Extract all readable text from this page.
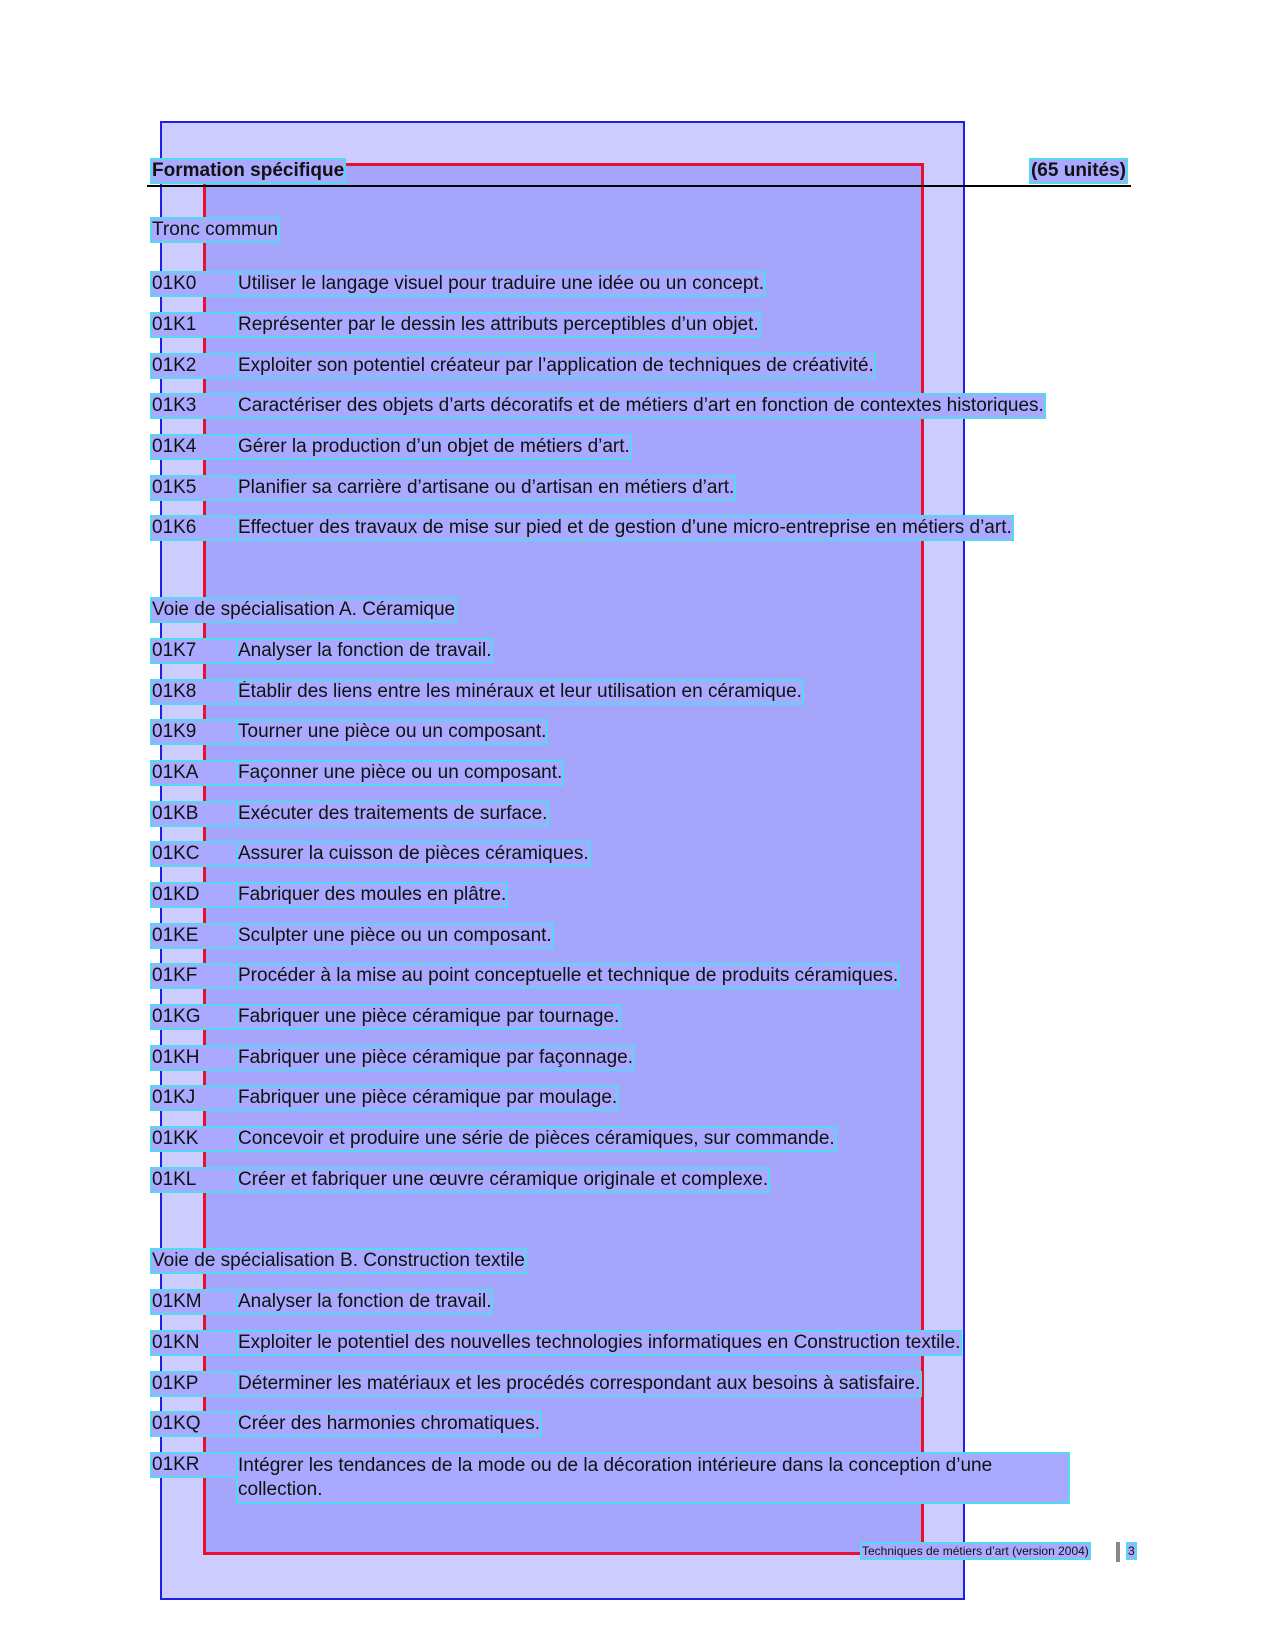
Formation spécifique	(65 unités)
Tronc commun
01K0	Utiliser le langage visuel pour traduire une idée ou un concept.
01K1	Représenter par le dessin les attributs perceptibles d’un objet.
01K2	Exploiter son potentiel créateur par l’application de techniques de créativité.
01K3	Caractériser des objets d’arts décoratifs et de métiers d’art en fonction de contextes historiques.
01K4	Gérer la production d’un objet de métiers d’art.
01K5	Planifier sa carrière d’artisane ou d’artisan en métiers d’art.
01K6	Effectuer des travaux de mise sur pied et de gestion d’une micro-entreprise en métiers d’art.
Voie de spécialisation A. Céramique
01K7	Analyser la fonction de travail.
01K8	Établir des liens entre les minéraux et leur utilisation en céramique.
01K9	Tourner une pièce ou un composant.
01KA	Façonner une pièce ou un composant.
01KB	Exécuter des traitements de surface.
01KC	Assurer la cuisson de pièces céramiques.
01KD	Fabriquer des moules en plâtre.
01KE	Sculpter une pièce ou un composant.
01KF	Procéder à la mise au point conceptuelle et technique de produits céramiques.
01KG	Fabriquer une pièce céramique par tournage.
01KH	Fabriquer une pièce céramique par façonnage.
01KJ	Fabriquer une pièce céramique par moulage.
01KK	Concevoir et produire une série de pièces céramiques, sur commande.
01KL	Créer et fabriquer une œuvre céramique originale et complexe.
Voie de spécialisation B. Construction textile
01KM	Analyser la fonction de travail.
01KN	Exploiter le potentiel des nouvelles technologies informatiques en Construction textile.
01KP	Déterminer les matériaux et les procédés correspondant aux besoins à satisfaire.
01KQ	Créer des harmonies chromatiques.
01KR	Intégrer les tendances de la mode ou de la décoration intérieure dans la conception d’une collection.
Techniques de métiers d’art (version 2004)	3
